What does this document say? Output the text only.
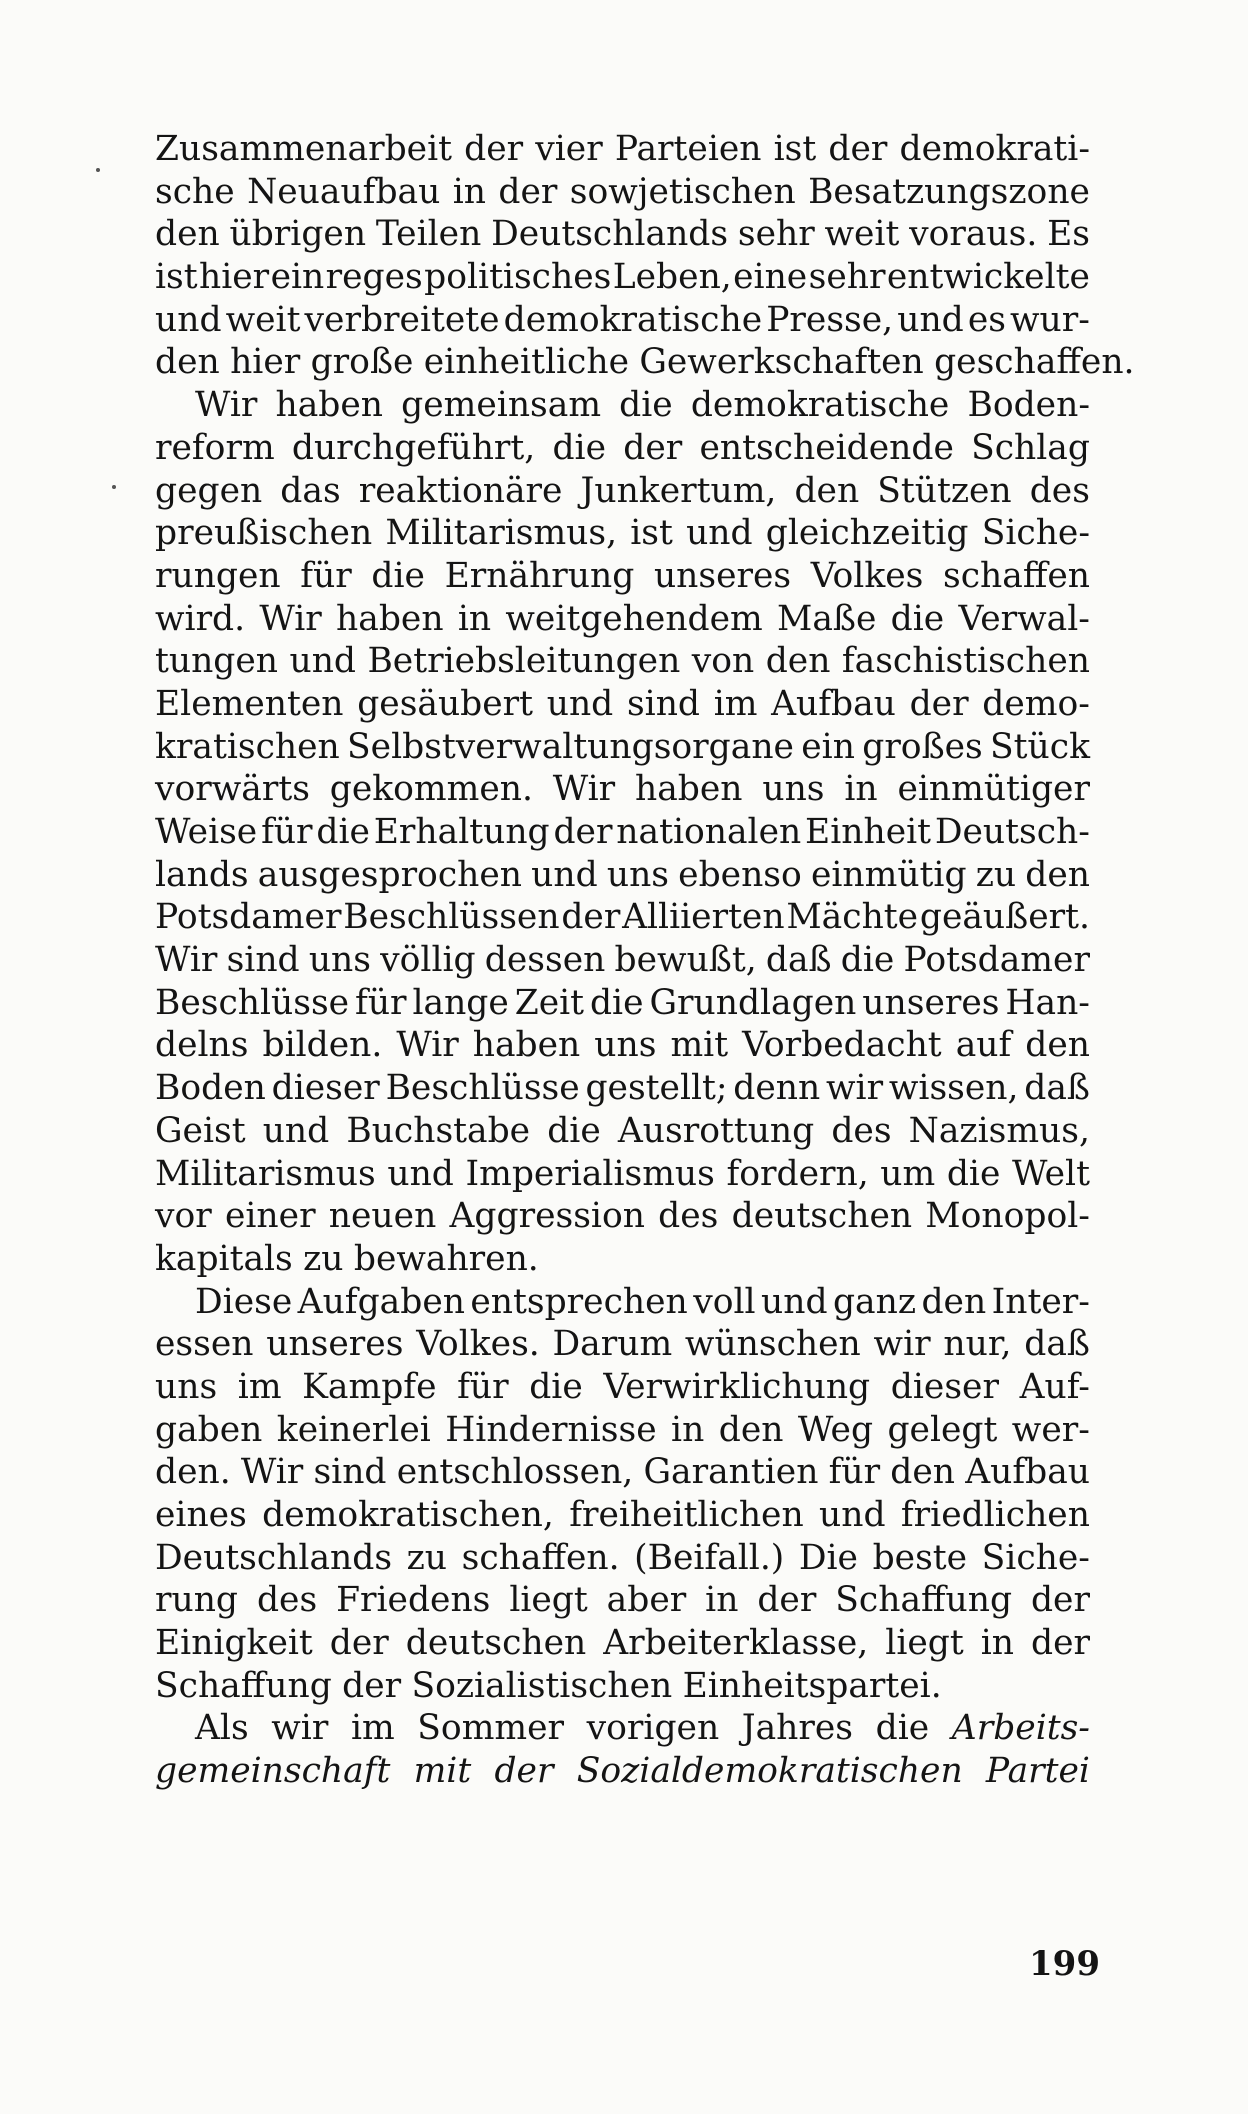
Zusammenarbeit der vier Parteien ist der demokrati-
sche Neuaufbau in der sowjetischen Besatzungszone
den übrigen Teilen Deutschlands sehr weit voraus. Es
ist hier ein reges politisches Leben, eine sehr entwickelte
und weit verbreitete demokratische Presse, und es wur-
den hier große einheitliche Gewerkschaften geschaffen.
Wir haben gemeinsam die demokratische Boden-
reform durchgeführt, die der entscheidende Schlag
gegen das reaktionäre Junkertum, den Stützen des
preußischen Militarismus, ist und gleichzeitig Siche-
rungen für die Ernährung unseres Volkes schaffen
wird. Wir haben in weitgehendem Maße die Verwal-
tungen und Betriebsleitungen von den faschistischen
Elementen gesäubert und sind im Aufbau der demo-
kratischen Selbstverwaltungsorgane ein großes Stück
vorwärts gekommen. Wir haben uns in einmütiger
Weise für die Erhaltung der nationalen Einheit Deutsch-
lands ausgesprochen und uns ebenso einmütig zu den
Potsdamer Beschlüssen der Alliierten Mächte geäußert.
Wir sind uns völlig dessen bewußt, daß die Potsdamer
Beschlüsse für lange Zeit die Grundlagen unseres Han-
delns bilden. Wir haben uns mit Vorbedacht auf den
Boden dieser Beschlüsse gestellt; denn wir wissen, daß
Geist und Buchstabe die Ausrottung des Nazismus,
Militarismus und Imperialismus fordern, um die Welt
vor einer neuen Aggression des deutschen Monopol-
kapitals zu bewahren.
Diese Aufgaben entsprechen voll und ganz den Inter-
essen unseres Volkes. Darum wünschen wir nur, daß
uns im Kampfe für die Verwirklichung dieser Auf-
gaben keinerlei Hindernisse in den Weg gelegt wer-
den. Wir sind entschlossen, Garantien für den Aufbau
eines demokratischen, freiheitlichen und friedlichen
Deutschlands zu schaffen. (Beifall.) Die beste Siche-
rung des Friedens liegt aber in der Schaffung der
Einigkeit der deutschen Arbeiterklasse, liegt in der
Schaffung der Sozialistischen Einheitspartei.
Als wir im Sommer vorigen Jahres die Arbeits-
gemeinschaft mit der Sozialdemokratischen Partei
199
